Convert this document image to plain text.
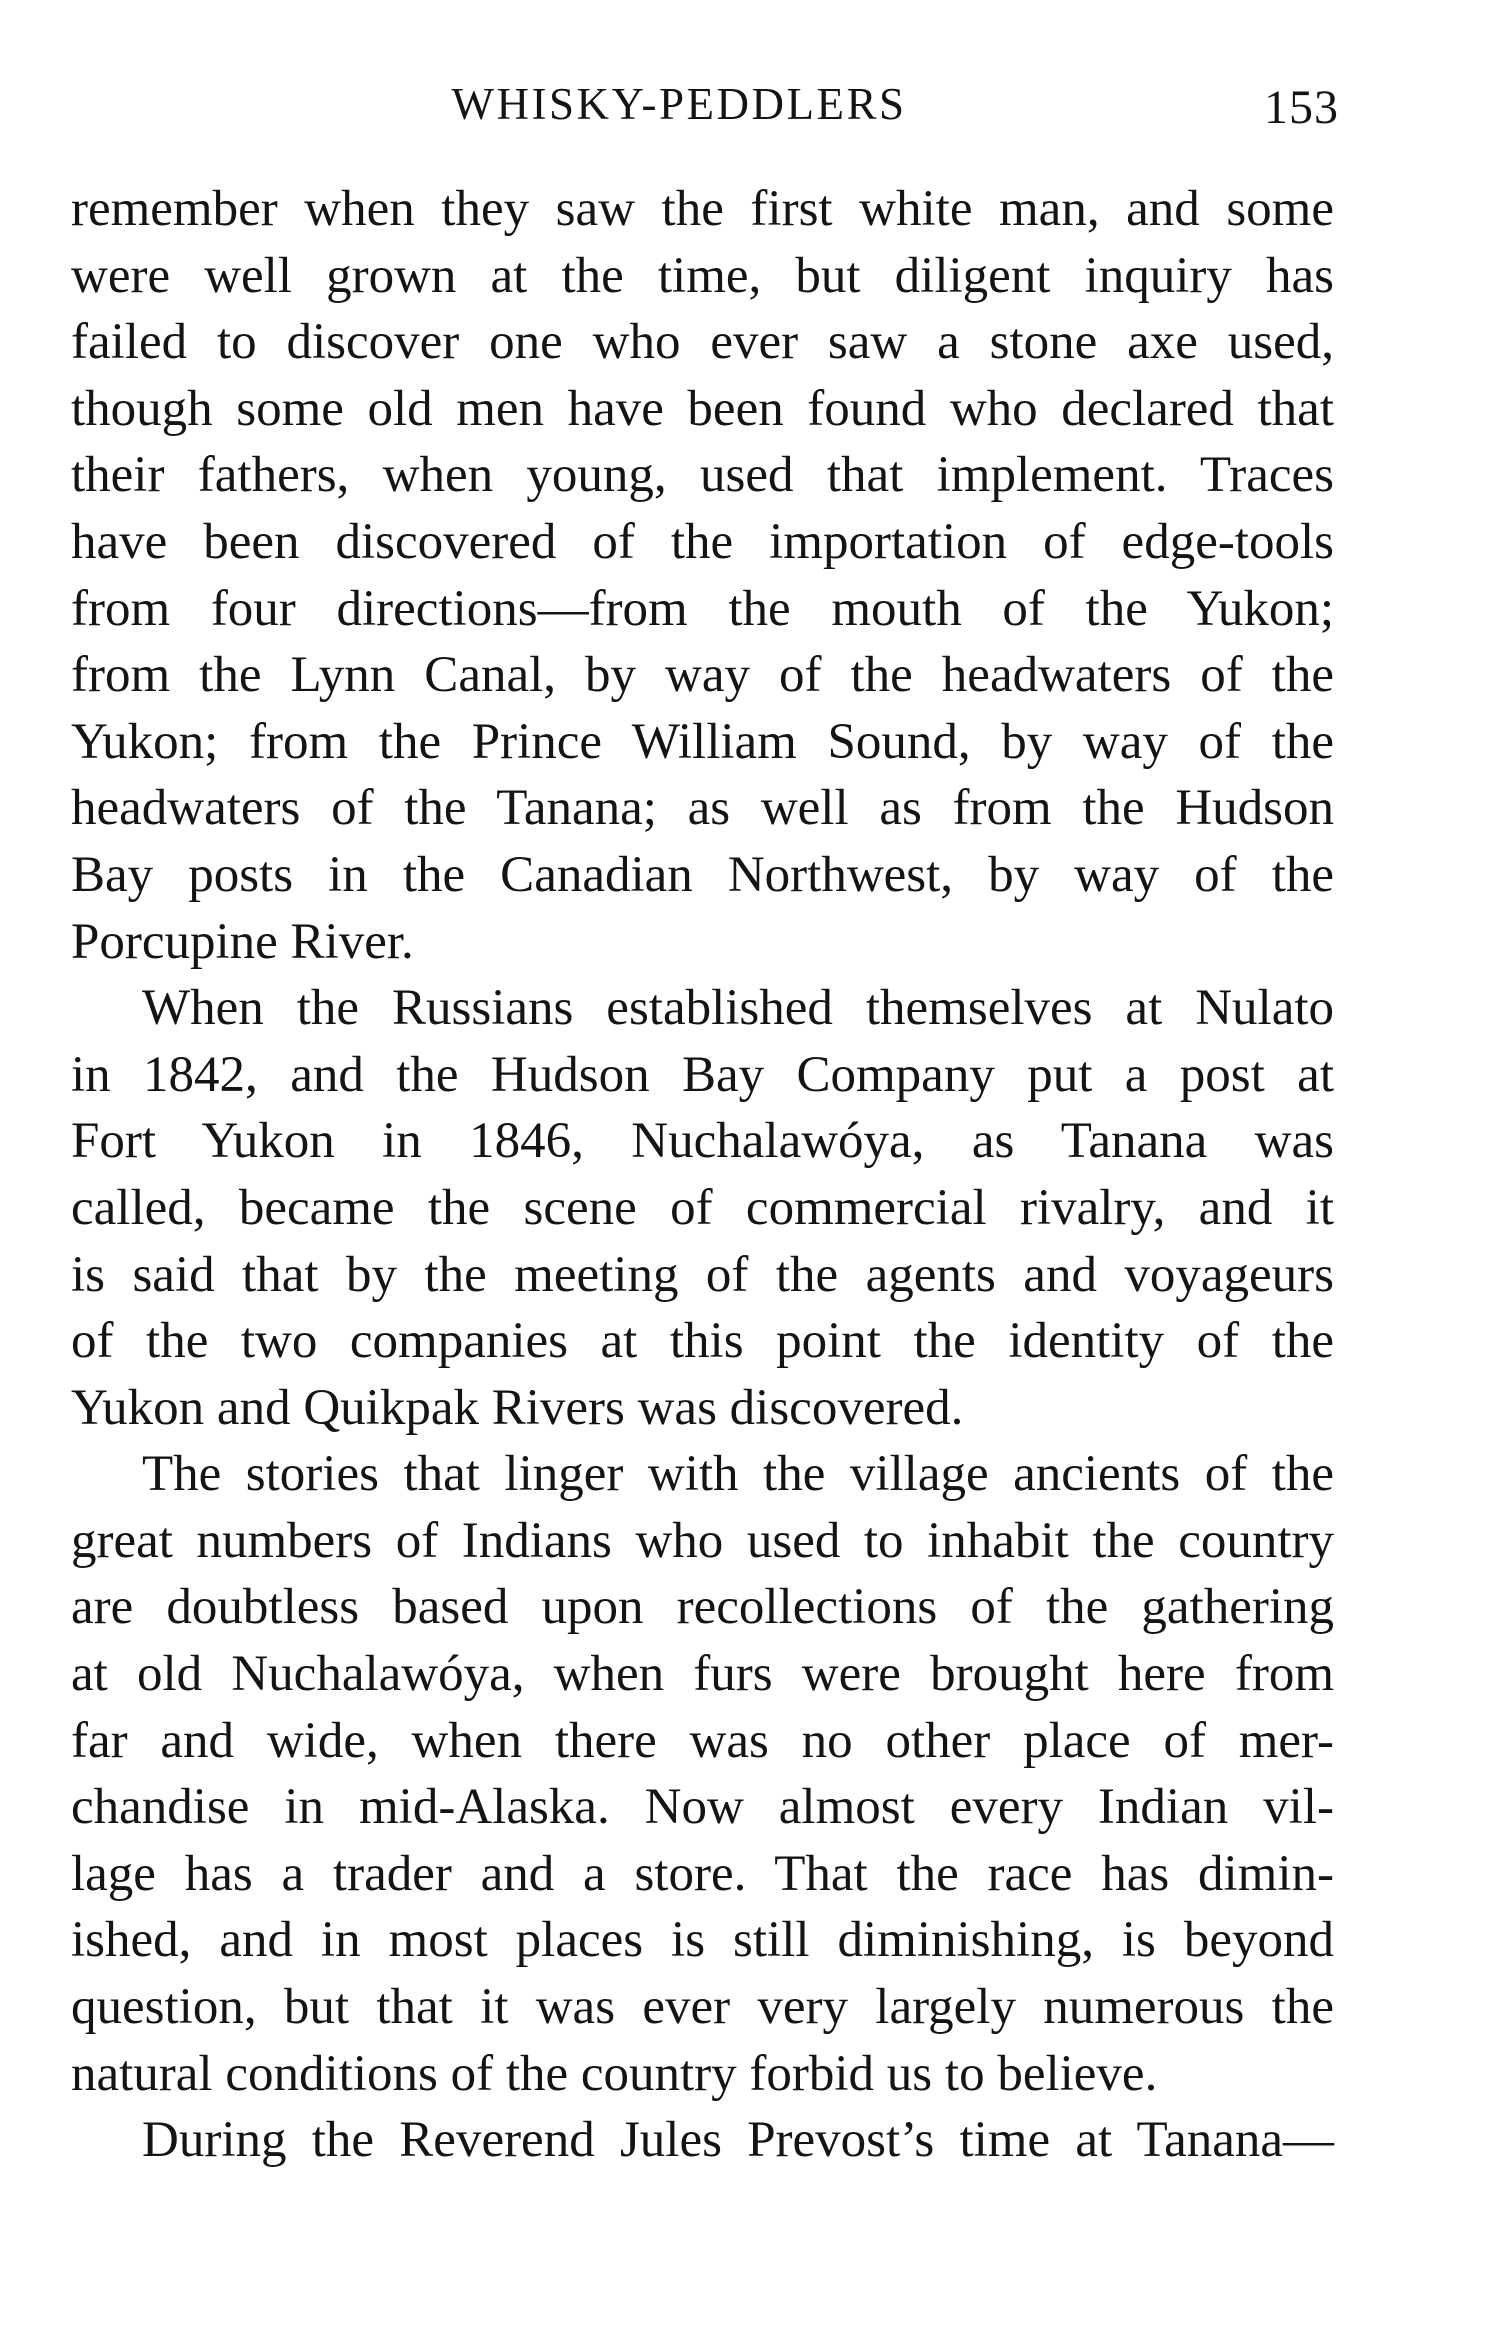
WHISKY-PEDDLERS	153
remember when they saw the first white man, and some
were well grown at the time, but diligent inquiry has
failed to discover one who ever saw a stone axe used,
though some old men have been found who declared that
their fathers, when young, used that implement. Traces
have been discovered of the importation of edge-tools
from four directions—from the mouth of the Yukon;
from the Lynn Canal, by way of the headwaters of the
Yukon; from the Prince William Sound, by way of the
headwaters of the Tanana; as well as from the Hudson
Bay posts in the Canadian Northwest, by way of the
Porcupine River.
When the Russians established themselves at Nulato
in 1842, and the Hudson Bay Company put a post at
Fort Yukon in 1846, Nuchalawóya, as Tanana was
called, became the scene of commercial rivalry, and it
is said that by the meeting of the agents and voyageurs
of the two companies at this point the identity of the
Yukon and Quikpak Rivers was discovered.
The stories that linger with the village ancients of the
great numbers of Indians who used to inhabit the country
are doubtless based upon recollections of the gathering
at old Nuchalawóya, when furs were brought here from
far and wide, when there was no other place of mer-
chandise in mid-Alaska. Now almost every Indian vil-
lage has a trader and a store. That the race has dimin-
ished, and in most places is still diminishing, is beyond
question, but that it was ever very largely numerous the
natural conditions of the country forbid us to believe.
During the Reverend Jules Prevost’s time at Tanana—
